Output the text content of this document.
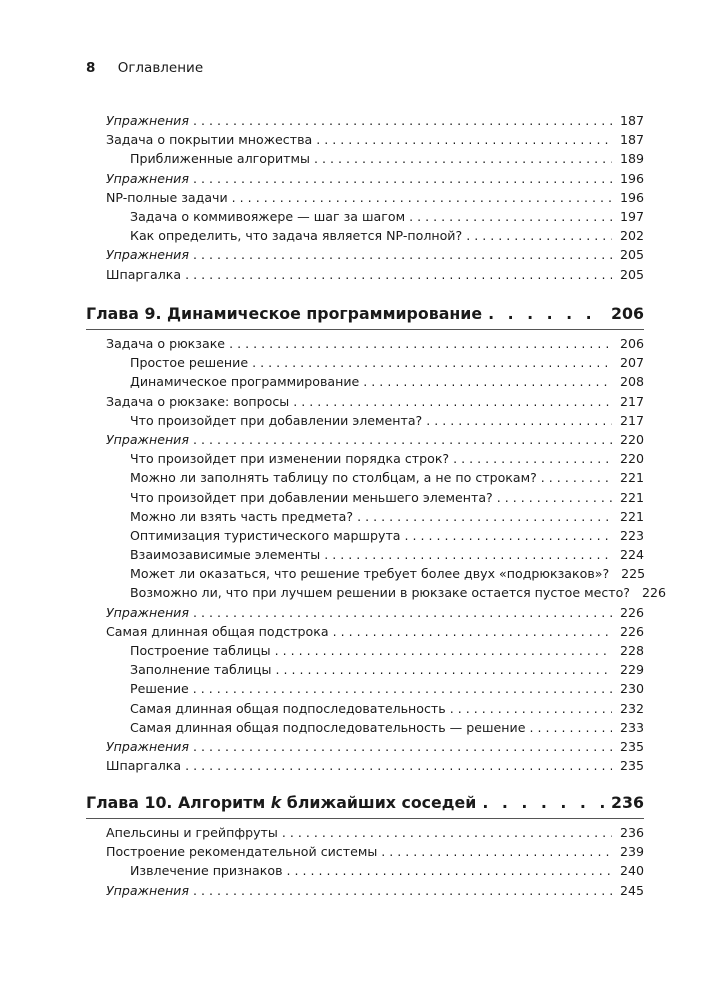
8 Оглавление
Упражнения . . .	187
Задача о покрытии множества . . .	187
Приближенные алгоритмы . . .	189
Упражнения . . .	196
NP-полные задачи . . .	196
Задача о коммивояжере — шаг за шагом . . .	197
Как определить, что задача является NP-полной? . . .	202
Упражнения . . .	205
Шпаргалка . . .	205
Глава 9. Динамическое программирование . . .	206
Задача о рюкзаке . . .	206
Простое решение . . .	207
Динамическое программирование . . .	208
Задача о рюкзаке: вопросы . . .	217
Что произойдет при добавлении элемента? . . .	217
Упражнения . . .	220
Что произойдет при изменении порядка строк? . . .	220
Можно ли заполнять таблицу по столбцам, а не по строкам? . . .	221
Что произойдет при добавлении меньшего элемента? . . .	221
Можно ли взять часть предмета? . . .	221
Оптимизация туристического маршрута . . .	223
Взаимозависимые элементы . . .	224
Может ли оказаться, что решение требует более двух «подрюкзаков»? 225
Возможно ли, что при лучшем решении в рюкзаке остается пустое место? 226
Упражнения . . .	226
Самая длинная общая подстрока . . .	226
Построение таблицы . . .	228
Заполнение таблицы . . .	229
Решение . . .	230
Самая длинная общая подпоследовательность . . .	232
Самая длинная общая подпоследовательность — решение . . .	233
Упражнения . . .	235
Шпаргалка . . .	235
Глава 10. Алгоритм k ближайших соседей . . .	236
Апельсины и грейпфруты . . .	236
Построение рекомендательной системы . . .	239
Извлечение признаков . . .	240
Упражнения . . .	245
